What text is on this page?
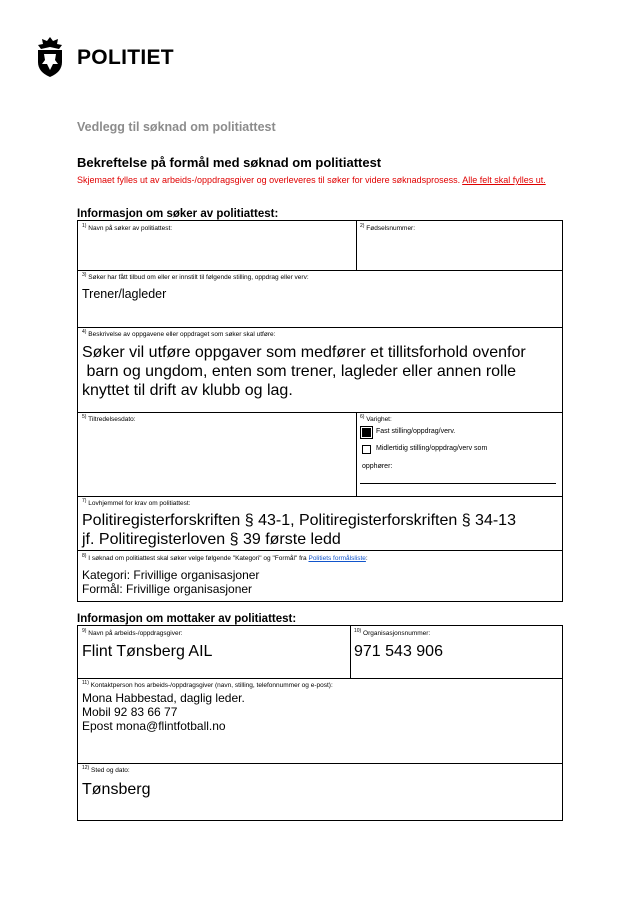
POLITIET
Vedlegg til søknad om politiattest
Bekreftelse på formål med søknad om politiattest
Skjemaet fylles ut av arbeids-/oppdragsgiver og overleveres til søker for videre søknadsprosess. Alle felt skal fylles ut.
Informasjon om søker av politiattest:
$^{1)}$ Navn på søker av politiattest:	$^{2)}$ Fødselsnummer:
$^{3)}$ Søker har fått tilbud om eller er innstilt til følgende stilling, oppdrag eller verv:
Trener/lagleder
$^{4)}$ Beskrivelse av oppgavene eller oppdraget som søker skal utføre:
Søker vil utføre oppgaver som medfører et tillitsforhold ovenfor
barn og ungdom, enten som trener, lagleder eller annen rolle
knyttet til drift av klubb og lag.
$^{5)}$ Tiltredelsesdato:	$^{6)}$ Varighet:
Fast stilling/oppdrag/verv.
Midlertidig stilling/oppdrag/verv som
opphører:
$^{7)}$ Lovhjemmel for krav om politiattest:
Politiregisterforskriften § 43-1, Politiregisterforskriften § 34-13
jf. Politiregisterloven § 39 første ledd
$^{8)}$ I søknad om politiattest skal søker velge følgende "Kategori" og "Formål" fra Politiets formålsliste:
Kategori: Frivillige organisasjoner
Formål: Frivillige organisasjoner
Informasjon om mottaker av politiattest:
$^{9)}$ Navn på arbeids-/oppdragsgiver:
Flint Tønsberg AIL
$^{10)}$ Organisasjonsnummer:
971 543 906
$^{11)}$ Kontaktperson hos arbeids-/oppdragsgiver (navn, stilling, telefonnummer og e-post):
Mona Habbestad, daglig leder.
Mobil 92 83 66 77
Epost mona@flintfotball.no
$^{12)}$ Sted og dato:
Tønsberg
